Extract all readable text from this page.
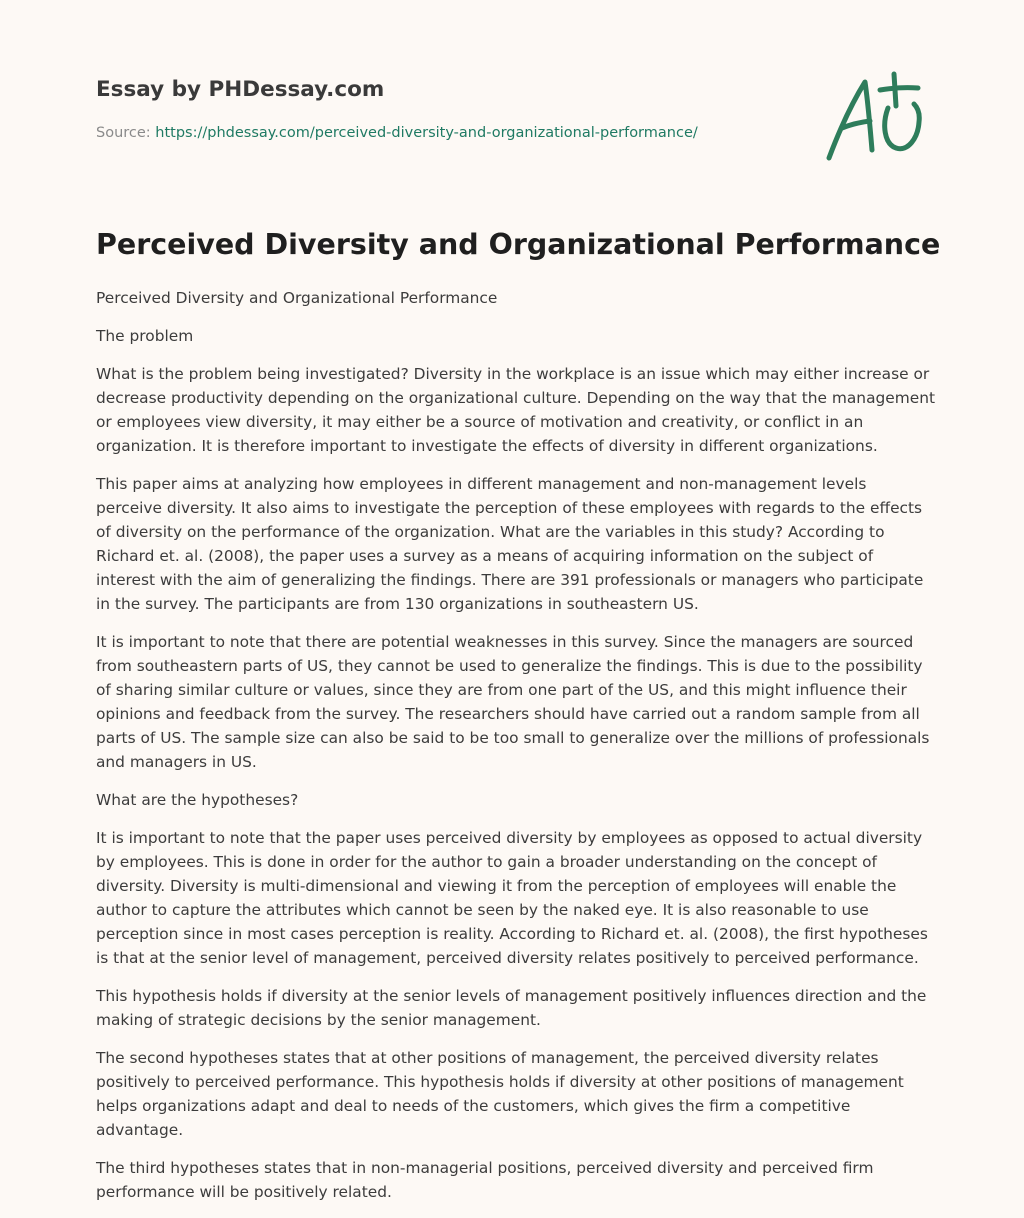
Essay by PHDessay.com
Source: https://phdessay.com/perceived-diversity-and-organizational-performance/
Perceived Diversity and Organizational Performance

Perceived Diversity and Organizational Performance

The problem

What is the problem being investigated? Diversity in the workplace is an issue which may either increase or decrease productivity depending on the organizational culture. Depending on the way that the management or employees view diversity, it may either be a source of motivation and creativity, or conflict in an organization. It is therefore important to investigate the effects of diversity in different organizations.

This paper aims at analyzing how employees in different management and non-management levels perceive diversity. It also aims to investigate the perception of these employees with regards to the effects of diversity on the performance of the organization. What are the variables in this study? According to Richard et. al. (2008), the paper uses a survey as a means of acquiring information on the subject of interest with the aim of generalizing the findings. There are 391 professionals or managers who participate in the survey. The participants are from 130 organizations in southeastern US.

It is important to note that there are potential weaknesses in this survey. Since the managers are sourced from southeastern parts of US, they cannot be used to generalize the findings. This is due to the possibility of sharing similar culture or values, since they are from one part of the US, and this might influence their opinions and feedback from the survey. The researchers should have carried out a random sample from all parts of US. The sample size can also be said to be too small to generalize over the millions of professionals and managers in US.

What are the hypotheses?

It is important to note that the paper uses perceived diversity by employees as opposed to actual diversity by employees. This is done in order for the author to gain a broader understanding on the concept of diversity. Diversity is multi-dimensional and viewing it from the perception of employees will enable the author to capture the attributes which cannot be seen by the naked eye. It is also reasonable to use perception since in most cases perception is reality. According to Richard et. al. (2008), the first hypotheses is that at the senior level of management, perceived diversity relates positively to perceived performance.

This hypothesis holds if diversity at the senior levels of management positively influences direction and the making of strategic decisions by the senior management.

The second hypotheses states that at other positions of management, the perceived diversity relates positively to perceived performance. This hypothesis holds if diversity at other positions of management helps organizations adapt and deal to needs of the customers, which gives the firm a competitive advantage.

The third hypotheses states that in non-managerial positions, perceived diversity and perceived firm performance will be positively related.
